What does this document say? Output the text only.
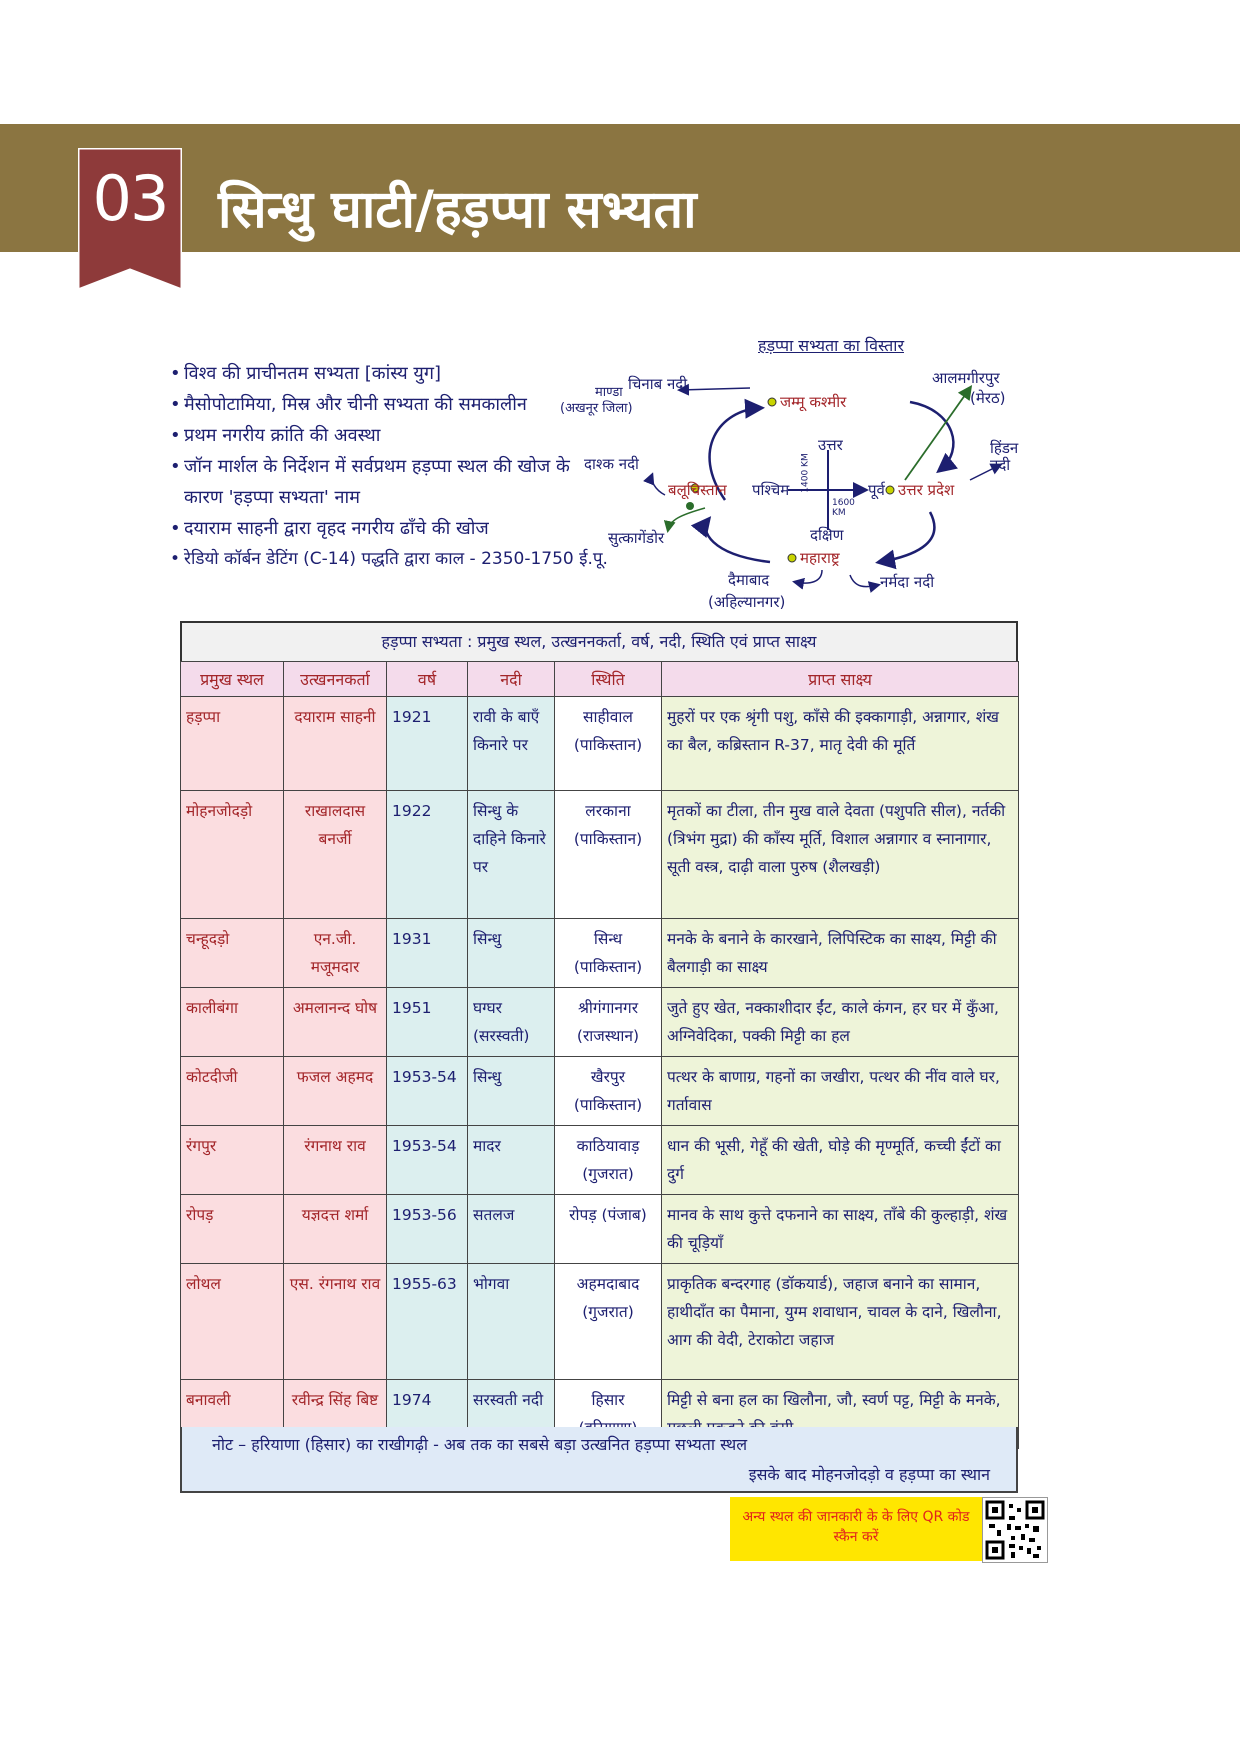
03 सिन्धु घाटी/हड़प्पा सभ्यता
• विश्व की प्राचीनतम सभ्यता [कांस्य युग]
• मैसोपोटामिया, मिस्र और चीनी सभ्यता की समकालीन
• प्रथम नगरीय क्रांति की अवस्था
• जॉन मार्शल के निर्देशन में सर्वप्रथम हड़प्पा स्थल की खोज के कारण 'हड़प्पा सभ्यता' नाम
• दयाराम साहनी द्वारा वृहद नगरीय ढाँचे की खोज
• रेडियो कॉर्बन डेटिंग (C-14) पद्धति द्वारा काल - 2350-1750 ई.पू.
हड़प्पा सभ्यता का विस्तार
चिनाब नदी
माण्डा
(अखनूर जिला)	जम्मू कश्मीर
आलमगीरपुर
(मेरठ)
उत्तर
1400 KM
दाश्क नदी
हिंडन नदी
बलूचिस्तान पश्चिम	पूर्व उत्तर प्रदेश
1600 KM
सुत्कागेंडोर	दक्षिण
महाराष्ट्र
दैमाबाद	नर्मदा नदी
(अहिल्यानगर)
हड़प्पा सभ्यता : प्रमुख स्थल, उत्खननकर्ता, वर्ष, नदी, स्थिति एवं प्राप्त साक्ष्य
प्रमुख स्थल	उत्खननकर्ता	वर्ष	नदी	स्थिति	प्राप्त साक्ष्य
हड़प्पा	दयाराम साहनी	1921	रावी के बाएँ किनारे पर	साहीवाल (पाकिस्तान)	मुहरों पर एक श्रृंगी पशु, काँसे की इक्कागाड़ी, अन्नागार, शंख का बैल, कब्रिस्तान R-37, मातृ देवी की मूर्ति
मोहनजोदड़ो	राखालदास बनर्जी	1922	सिन्धु के दाहिने किनारे पर	लरकाना (पाकिस्तान)	मृतकों का टीला, तीन मुख वाले देवता (पशुपति सील), नर्तकी (त्रिभंग मुद्रा) की काँस्य मूर्ति, विशाल अन्नागार व स्नानागार, सूती वस्त्र, दाढ़ी वाला पुरुष (शैलखड़ी)
चन्हूदड़ो	एन.जी. मजूमदार	1931	सिन्धु	सिन्ध (पाकिस्तान)	मनके के बनाने के कारखाने, लिपिस्टिक का साक्ष्य, मिट्टी की बैलगाड़ी का साक्ष्य
कालीबंगा	अमलानन्द घोष	1951	घग्घर (सरस्वती)	श्रीगंगानगर (राजस्थान)	जुते हुए खेत, नक्काशीदार ईंट, काले कंगन, हर घर में कुँआ, अग्निवेदिका, पक्की मिट्टी का हल
कोटदीजी	फजल अहमद	1953-54	सिन्धु	खैरपुर (पाकिस्तान)	पत्थर के बाणाग्र, गहनों का जखीरा, पत्थर की नींव वाले घर, गर्तावास
रंगपुर	रंगनाथ राव	1953-54	मादर	काठियावाड़ (गुजरात)	धान की भूसी, गेहूँ की खेती, घोड़े की मृण्मूर्ति, कच्ची ईंटों का दुर्ग
रोपड़	यज्ञदत्त शर्मा	1953-56	सतलज	रोपड़ (पंजाब)	मानव के साथ कुत्ते दफनाने का साक्ष्य, ताँबे की कुल्हाड़ी, शंख की चूड़ियाँ
लोथल	एस. रंगनाथ राव	1955-63	भोगवा	अहमदाबाद (गुजरात)	प्राकृतिक बन्दरगाह (डॉकयार्ड), जहाज बनाने का सामान, हाथीदाँत का पैमाना, युग्म शवाधान, चावल के दाने, खिलौना, आग की वेदी, टेराकोटा जहाज
बनावली	रवीन्द्र सिंह बिष्ट	1974	सरस्वती नदी	हिसार	मिट्टी से बना हल का खिलौना, जौ, स्वर्ण पट्ट, मिट्टी के मनके,
नोट – हरियाणा (हिसार) का राखीगढ़ी - अब तक का सबसे बड़ा उत्खनित हड़प्पा सभ्यता स्थल
इसके बाद मोहनजोदड़ो व हड़प्पा का स्थान
अन्य स्थल की जानकारी के के लिए QR कोड स्कैन करें
